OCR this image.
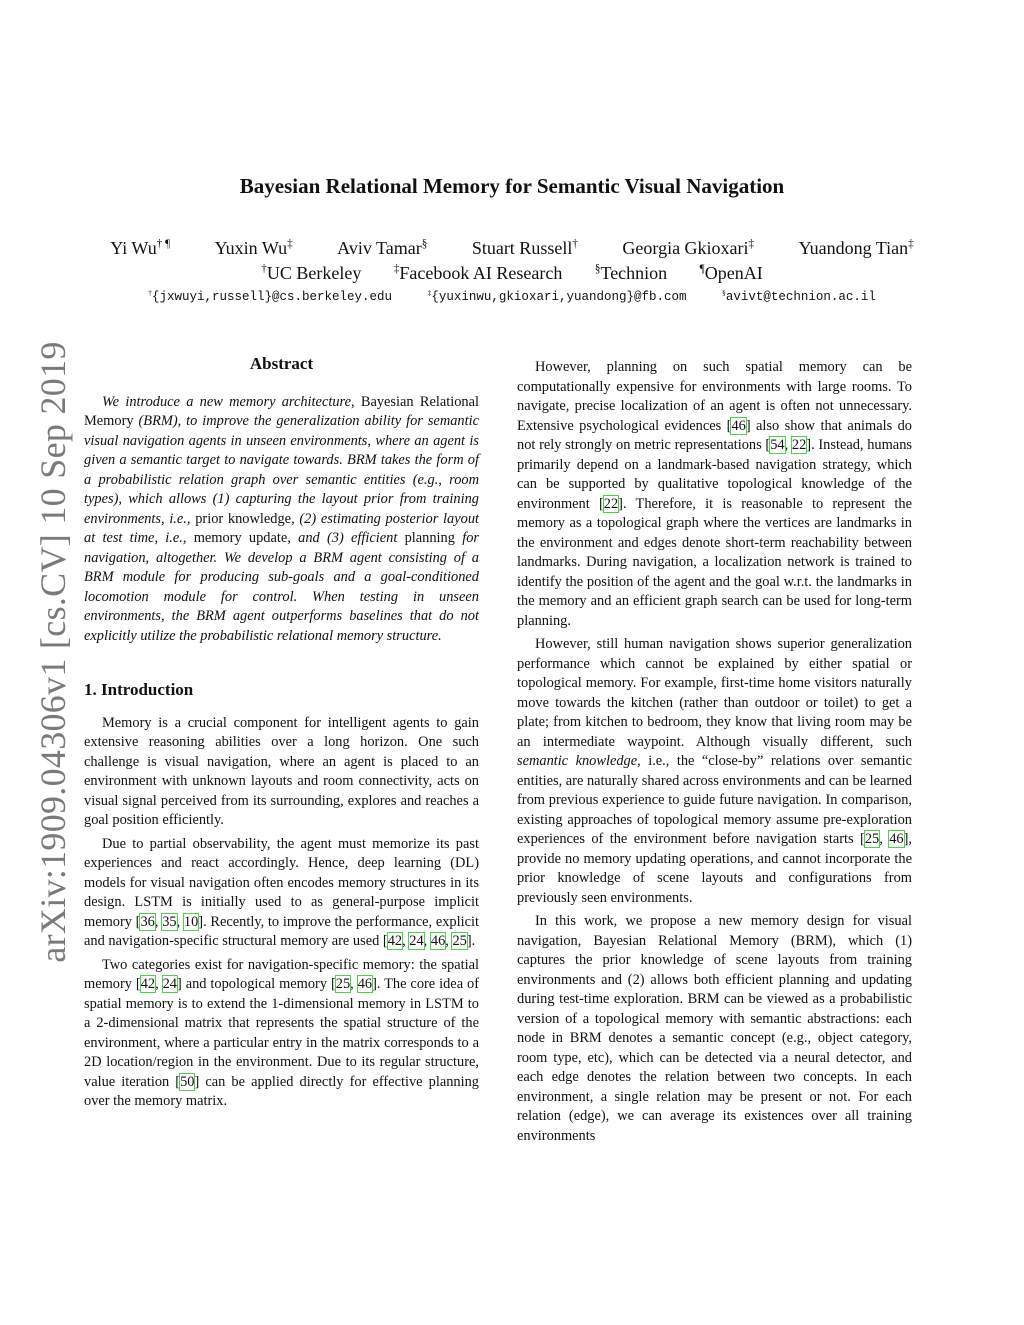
arXiv:1909.04306v1 [cs.CV] 10 Sep 2019
Bayesian Relational Memory for Semantic Visual Navigation
Yi Wu† ¶ Yuxin Wu‡ Aviv Tamar§ Stuart Russell† Georgia Gkioxari‡ Yuandong Tian‡
†UC Berkeley	‡Facebook AI Research	§Technion	¶OpenAI
†{jxwuyi,russell}@cs.berkeley.edu	‡{yuxinwu,gkioxari,yuandong}@fb.com	§avivt@technion.ac.il
Abstract

We introduce a new memory architecture, Bayesian Relational Memory (BRM), to improve the generalization ability for semantic visual navigation agents in unseen environments, where an agent is given a semantic target to navigate towards. BRM takes the form of a probabilistic relation graph over semantic entities (e.g., room types), which allows (1) capturing the layout prior from training environments, i.e., prior knowledge, (2) estimating posterior layout at test time, i.e., memory update, and (3) efficient planning for navigation, altogether. We develop a BRM agent consisting of a BRM module for producing sub-goals and a goal-conditioned locomotion module for control. When testing in unseen environments, the BRM agent outperforms baselines that do not explicitly utilize the probabilistic relational memory structure.

1. Introduction

Memory is a crucial component for intelligent agents to gain extensive reasoning abilities over a long horizon. One such challenge is visual navigation, where an agent is placed to an environment with unknown layouts and room connectivity, acts on visual signal perceived from its surrounding, explores and reaches a goal position efficiently.

Due to partial observability, the agent must memorize its past experiences and react accordingly. Hence, deep learning (DL) models for visual navigation often encodes memory structures in its design. LSTM is initially used to as general-purpose implicit memory [36, 35, 10]. Recently, to improve the performance, explicit and navigation-specific structural memory are used [42, 24, 46, 25].

Two categories exist for navigation-specific memory: the spatial memory [42, 24] and topological memory [25, 46]. The core idea of spatial memory is to extend the 1-dimensional memory in LSTM to a 2-dimensional matrix that represents the spatial structure of the environment, where a particular entry in the matrix corresponds to a 2D location/region in the environment. Due to its regular structure, value iteration [50] can be applied directly for effective planning over the memory matrix.

However, planning on such spatial memory can be computationally expensive for environments with large rooms. To navigate, precise localization of an agent is often not unnecessary. Extensive psychological evidences [46] also show that animals do not rely strongly on metric representations [54, 22]. Instead, humans primarily depend on a landmark-based navigation strategy, which can be supported by qualitative topological knowledge of the environment [22]. Therefore, it is reasonable to represent the memory as a topological graph where the vertices are landmarks in the environment and edges denote short-term reachability between landmarks. During navigation, a localization network is trained to identify the position of the agent and the goal w.r.t. the landmarks in the memory and an efficient graph search can be used for long-term planning.

However, still human navigation shows superior generalization performance which cannot be explained by either spatial or topological memory. For example, first-time home visitors naturally move towards the kitchen (rather than outdoor or toilet) to get a plate; from kitchen to bedroom, they know that living room may be an intermediate waypoint. Although visually different, such semantic knowledge, i.e., the “close-by” relations over semantic entities, are naturally shared across environments and can be learned from previous experience to guide future navigation. In comparison, existing approaches of topological memory assume pre-exploration experiences of the environment before navigation starts [25, 46], provide no memory updating operations, and cannot incorporate the prior knowledge of scene layouts and configurations from previously seen environments.

In this work, we propose a new memory design for visual navigation, Bayesian Relational Memory (BRM), which (1) captures the prior knowledge of scene layouts from training environments and (2) allows both efficient planning and updating during test-time exploration. BRM can be viewed as a probabilistic version of a topological memory with semantic abstractions: each node in BRM denotes a semantic concept (e.g., object category, room type, etc), which can be detected via a neural detector, and each edge denotes the relation between two concepts. In each environment, a single relation may be present or not. For each relation (edge), we can average its existences over all training environments
